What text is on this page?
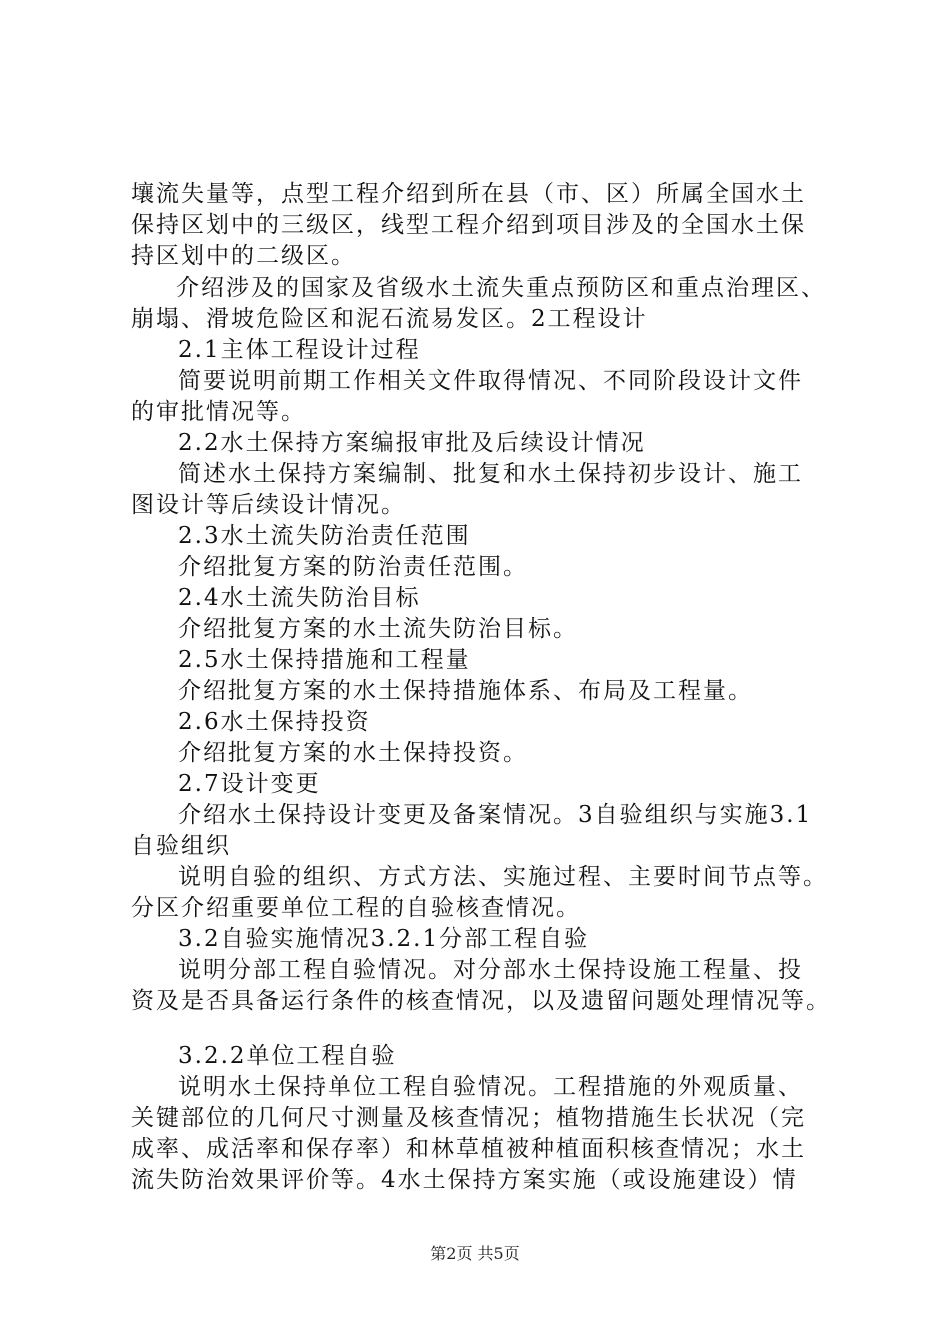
壤流失量等，点型工程介绍到所在县（市、区）所属全国水土
保持区划中的三级区，线型工程介绍到项目涉及的全国水土保
持区划中的二级区。
介绍涉及的国家及省级水土流失重点预防区和重点治理区、
崩塌、滑坡危险区和泥石流易发区。2工程设计
2.1主体工程设计过程
简要说明前期工作相关文件取得情况、不同阶段设计文件
的审批情况等。
2.2水土保持方案编报审批及后续设计情况
简述水土保持方案编制、批复和水土保持初步设计、施工
图设计等后续设计情况。
2.3水土流失防治责任范围
介绍批复方案的防治责任范围。
2.4水土流失防治目标
介绍批复方案的水土流失防治目标。
2.5水土保持措施和工程量
介绍批复方案的水土保持措施体系、布局及工程量。
2.6水土保持投资
介绍批复方案的水土保持投资。
2.7设计变更
介绍水土保持设计变更及备案情况。3自验组织与实施3.1
自验组织
说明自验的组织、方式方法、实施过程、主要时间节点等。
分区介绍重要单位工程的自验核查情况。
3.2自验实施情况3.2.1分部工程自验
说明分部工程自验情况。对分部水土保持设施工程量、投
资及是否具备运行条件的核查情况，以及遗留问题处理情况等。
3.2.2单位工程自验
说明水土保持单位工程自验情况。工程措施的外观质量、
关键部位的几何尺寸测量及核查情况；植物措施生长状况（完
成率、成活率和保存率）和林草植被种植面积核查情况；水土
流失防治效果评价等。4水土保持方案实施（或设施建设）情
第2页 共5页
